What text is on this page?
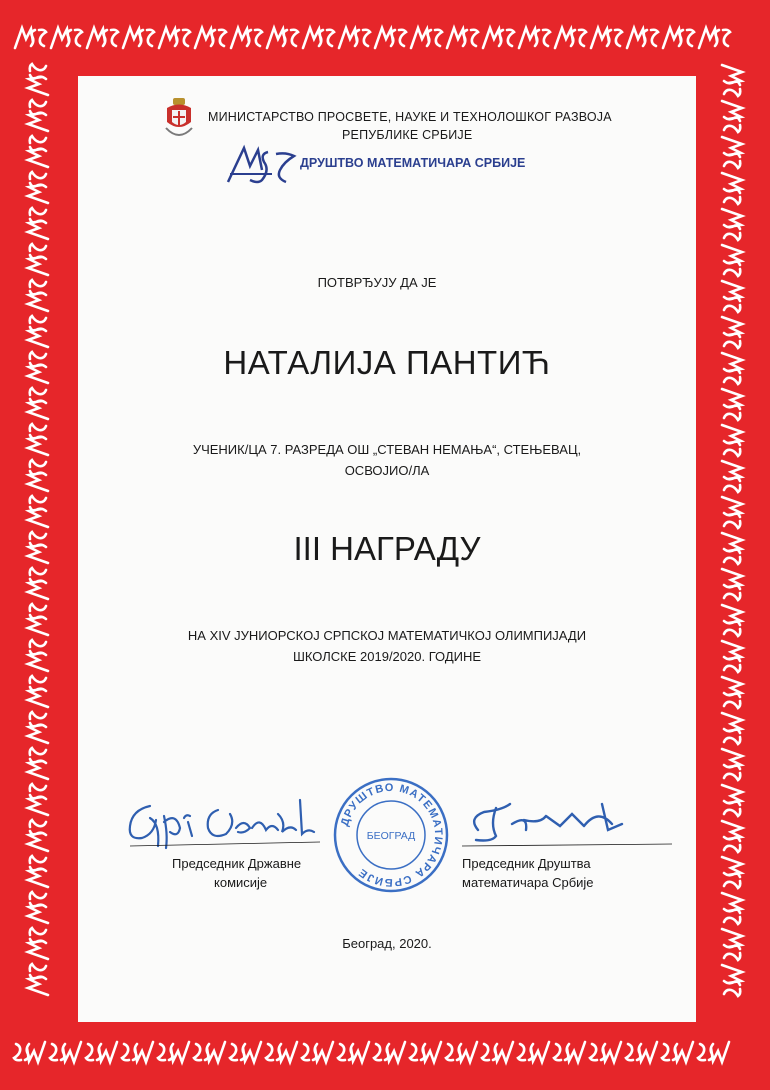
МИНИСТАРСТВО ПРОСВЕТЕ, НАУКЕ И ТЕХНОЛОШКОГ РАЗВОЈА
РЕПУБЛИКЕ СРБИЈЕ
ДРУШТВО МАТЕМАТИЧАРА СРБИЈЕ
ПОТВРЂУЈУ ДА ЈЕ
НАТАЛИЈА ПАНТИЋ
УЧЕНИК/ЦА 7. РАЗРЕДА ОШ „СТЕВАН НЕМАЊА“, СТЕЊЕВАЦ,
ОСВОЈИО/ЛА
III НАГРАДУ
НА XIV ЈУНИОРСКОЈ СРПСКОЈ МАТЕМАТИЧКОЈ ОЛИМПИЈАДИ
ШКОЛСКЕ 2019/2020. ГОДИНЕ
Председник Државне
комисије
ДРУШТВО МАТЕМАТИЧАРА СРБИЈЕ
БЕОГРАД
Председник Друштва
математичара Србије
Београд, 2020.
